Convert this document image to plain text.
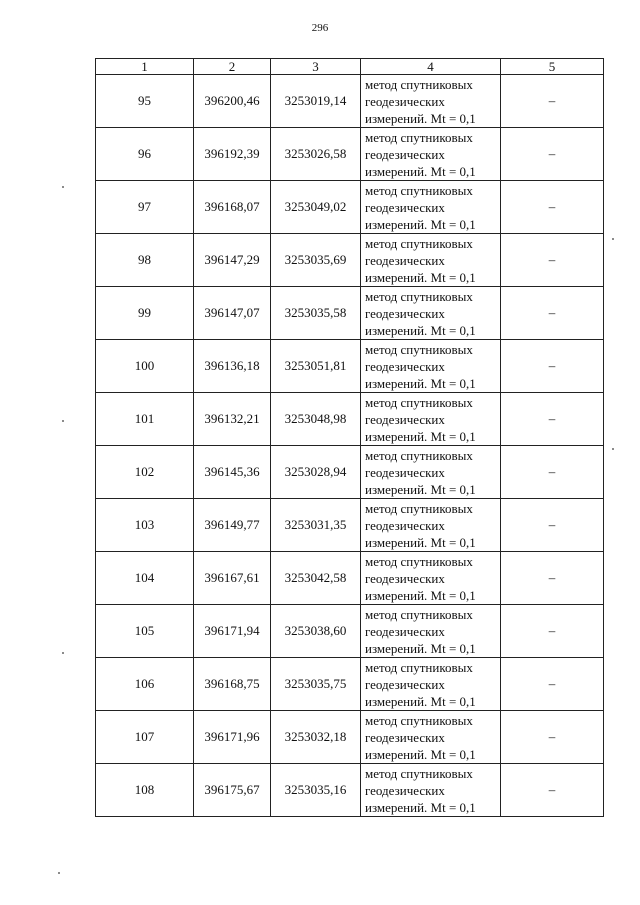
296
1	2	3	4	5
95	396200,46	3253019,14	метод спутниковых
геодезических
измерений. Mt = 0,1	–
96	396192,39	3253026,58	метод спутниковых
геодезических
измерений. Mt = 0,1	–
97	396168,07	3253049,02	метод спутниковых
геодезических
измерений. Mt = 0,1	–
98	396147,29	3253035,69	метод спутниковых
геодезических
измерений. Mt = 0,1	–
99	396147,07	3253035,58	метод спутниковых
геодезических
измерений. Mt = 0,1	–
100	396136,18	3253051,81	метод спутниковых
геодезических
измерений. Mt = 0,1	–
101	396132,21	3253048,98	метод спутниковых
геодезических
измерений. Mt = 0,1	–
102	396145,36	3253028,94	метод спутниковых
геодезических
измерений. Mt = 0,1	–
103	396149,77	3253031,35	метод спутниковых
геодезических
измерений. Mt = 0,1	–
104	396167,61	3253042,58	метод спутниковых
геодезических
измерений. Mt = 0,1	–
105	396171,94	3253038,60	метод спутниковых
геодезических
измерений. Mt = 0,1	–
106	396168,75	3253035,75	метод спутниковых
геодезических
измерений. Mt = 0,1	–
107	396171,96	3253032,18	метод спутниковых
геодезических
измерений. Mt = 0,1	–
108	396175,67	3253035,16	метод спутниковых
геодезических
измерений. Mt = 0,1	–
